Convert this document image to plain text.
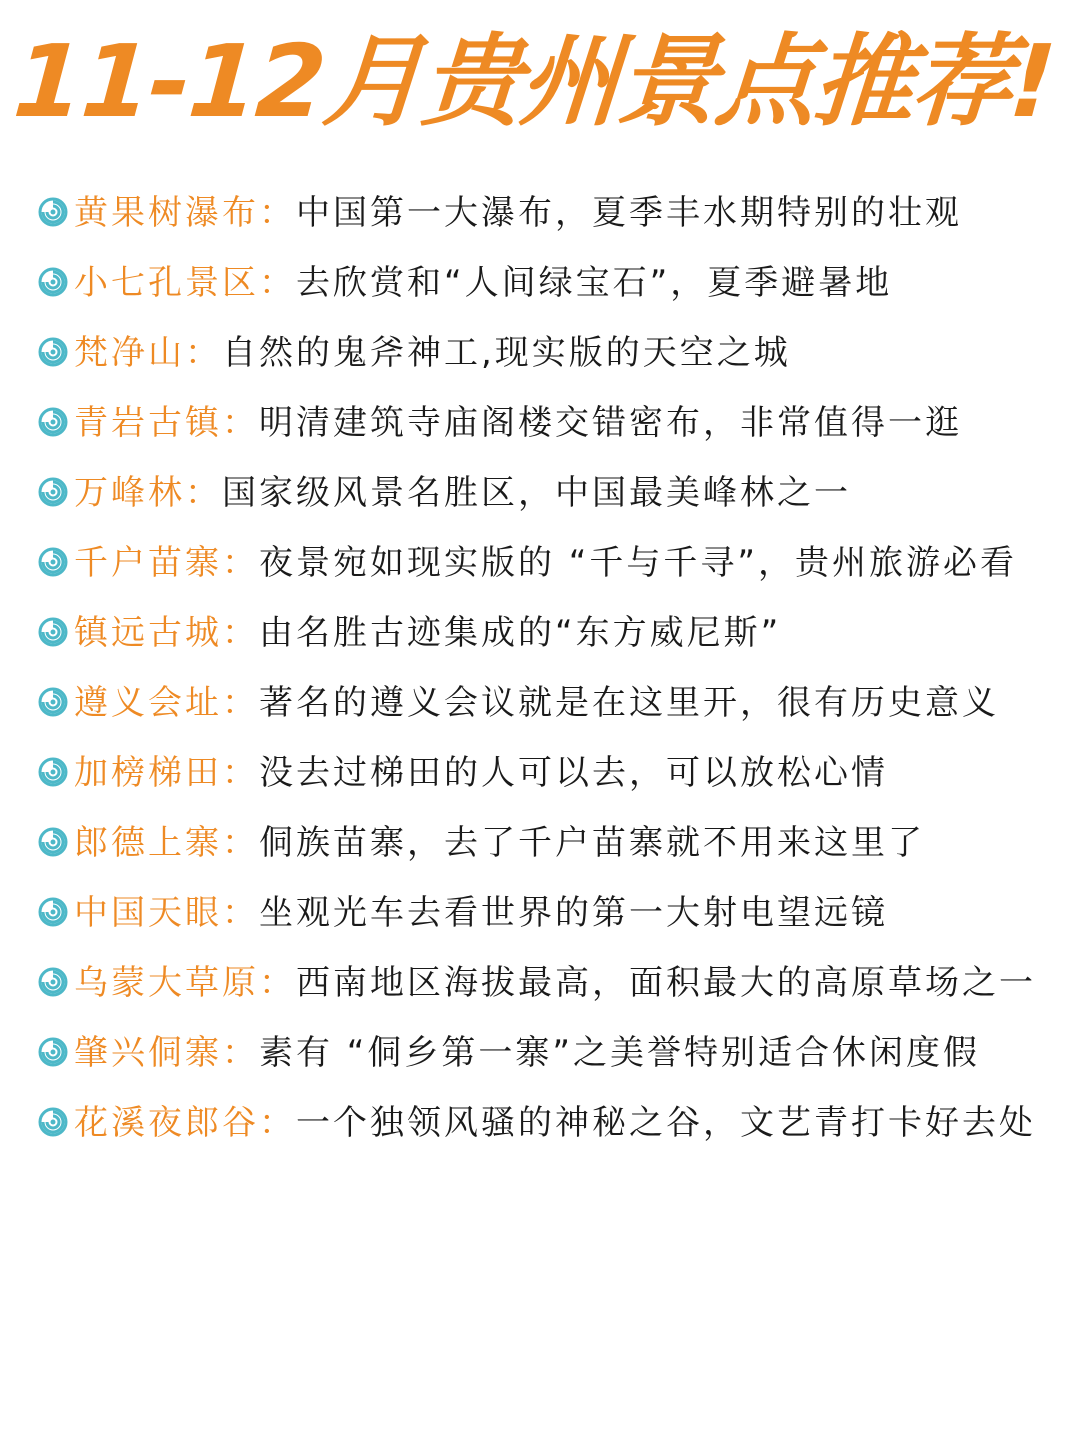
11-12月贵州景点推荐!
黄果树瀑布：中国第一大瀑布，夏季丰水期特别的壮观
小七孔景区：去欣赏和“人间绿宝石”，夏季避暑地
梵净山：自然的鬼斧神工,现实版的天空之城
青岩古镇：明清建筑寺庙阁楼交错密布，非常值得一逛
万峰林：国家级风景名胜区，中国最美峰林之一
千户苗寨：夜景宛如现实版的 “千与千寻”，贵州旅游必看
镇远古城：由名胜古迹集成的“东方威尼斯”
遵义会址：著名的遵义会议就是在这里开，很有历史意义
加榜梯田：没去过梯田的人可以去，可以放松心情
郎德上寨：侗族苗寨，去了千户苗寨就不用来这里了
中国天眼：坐观光车去看世界的第一大射电望远镜
乌蒙大草原：西南地区海拔最高，面积最大的高原草场之一
肇兴侗寨：素有 “侗乡第一寨”之美誉特别适合休闲度假
花溪夜郎谷：一个独领风骚的神秘之谷，文艺青打卡好去处
